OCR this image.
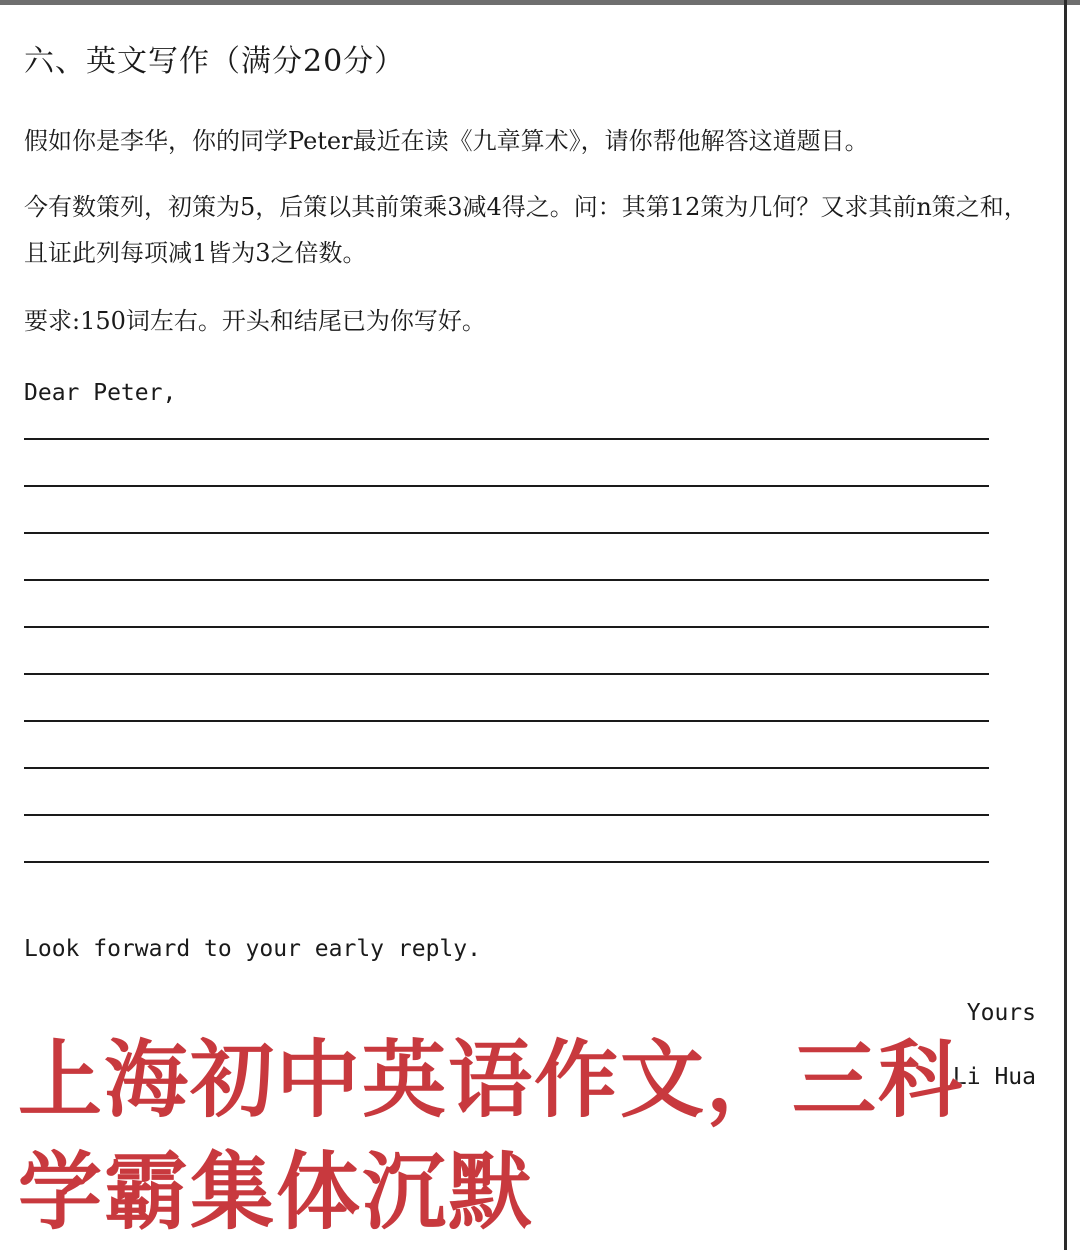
六、英文写作（满分20分）
假如你是李华，你的同学Peter最近在读《九章算术》，请你帮他解答这道题目。
今有数策列，初策为5，后策以其前策乘3减4得之。问：其第12策为几何？又求其前n策之和，且证此列每项减1皆为3之倍数。
要求:150词左右。开头和结尾已为你写好。
Dear Peter,
Look forward to your early reply.
Yours
Li Hua
上海初中英语作文，三科
学霸集体沉默
